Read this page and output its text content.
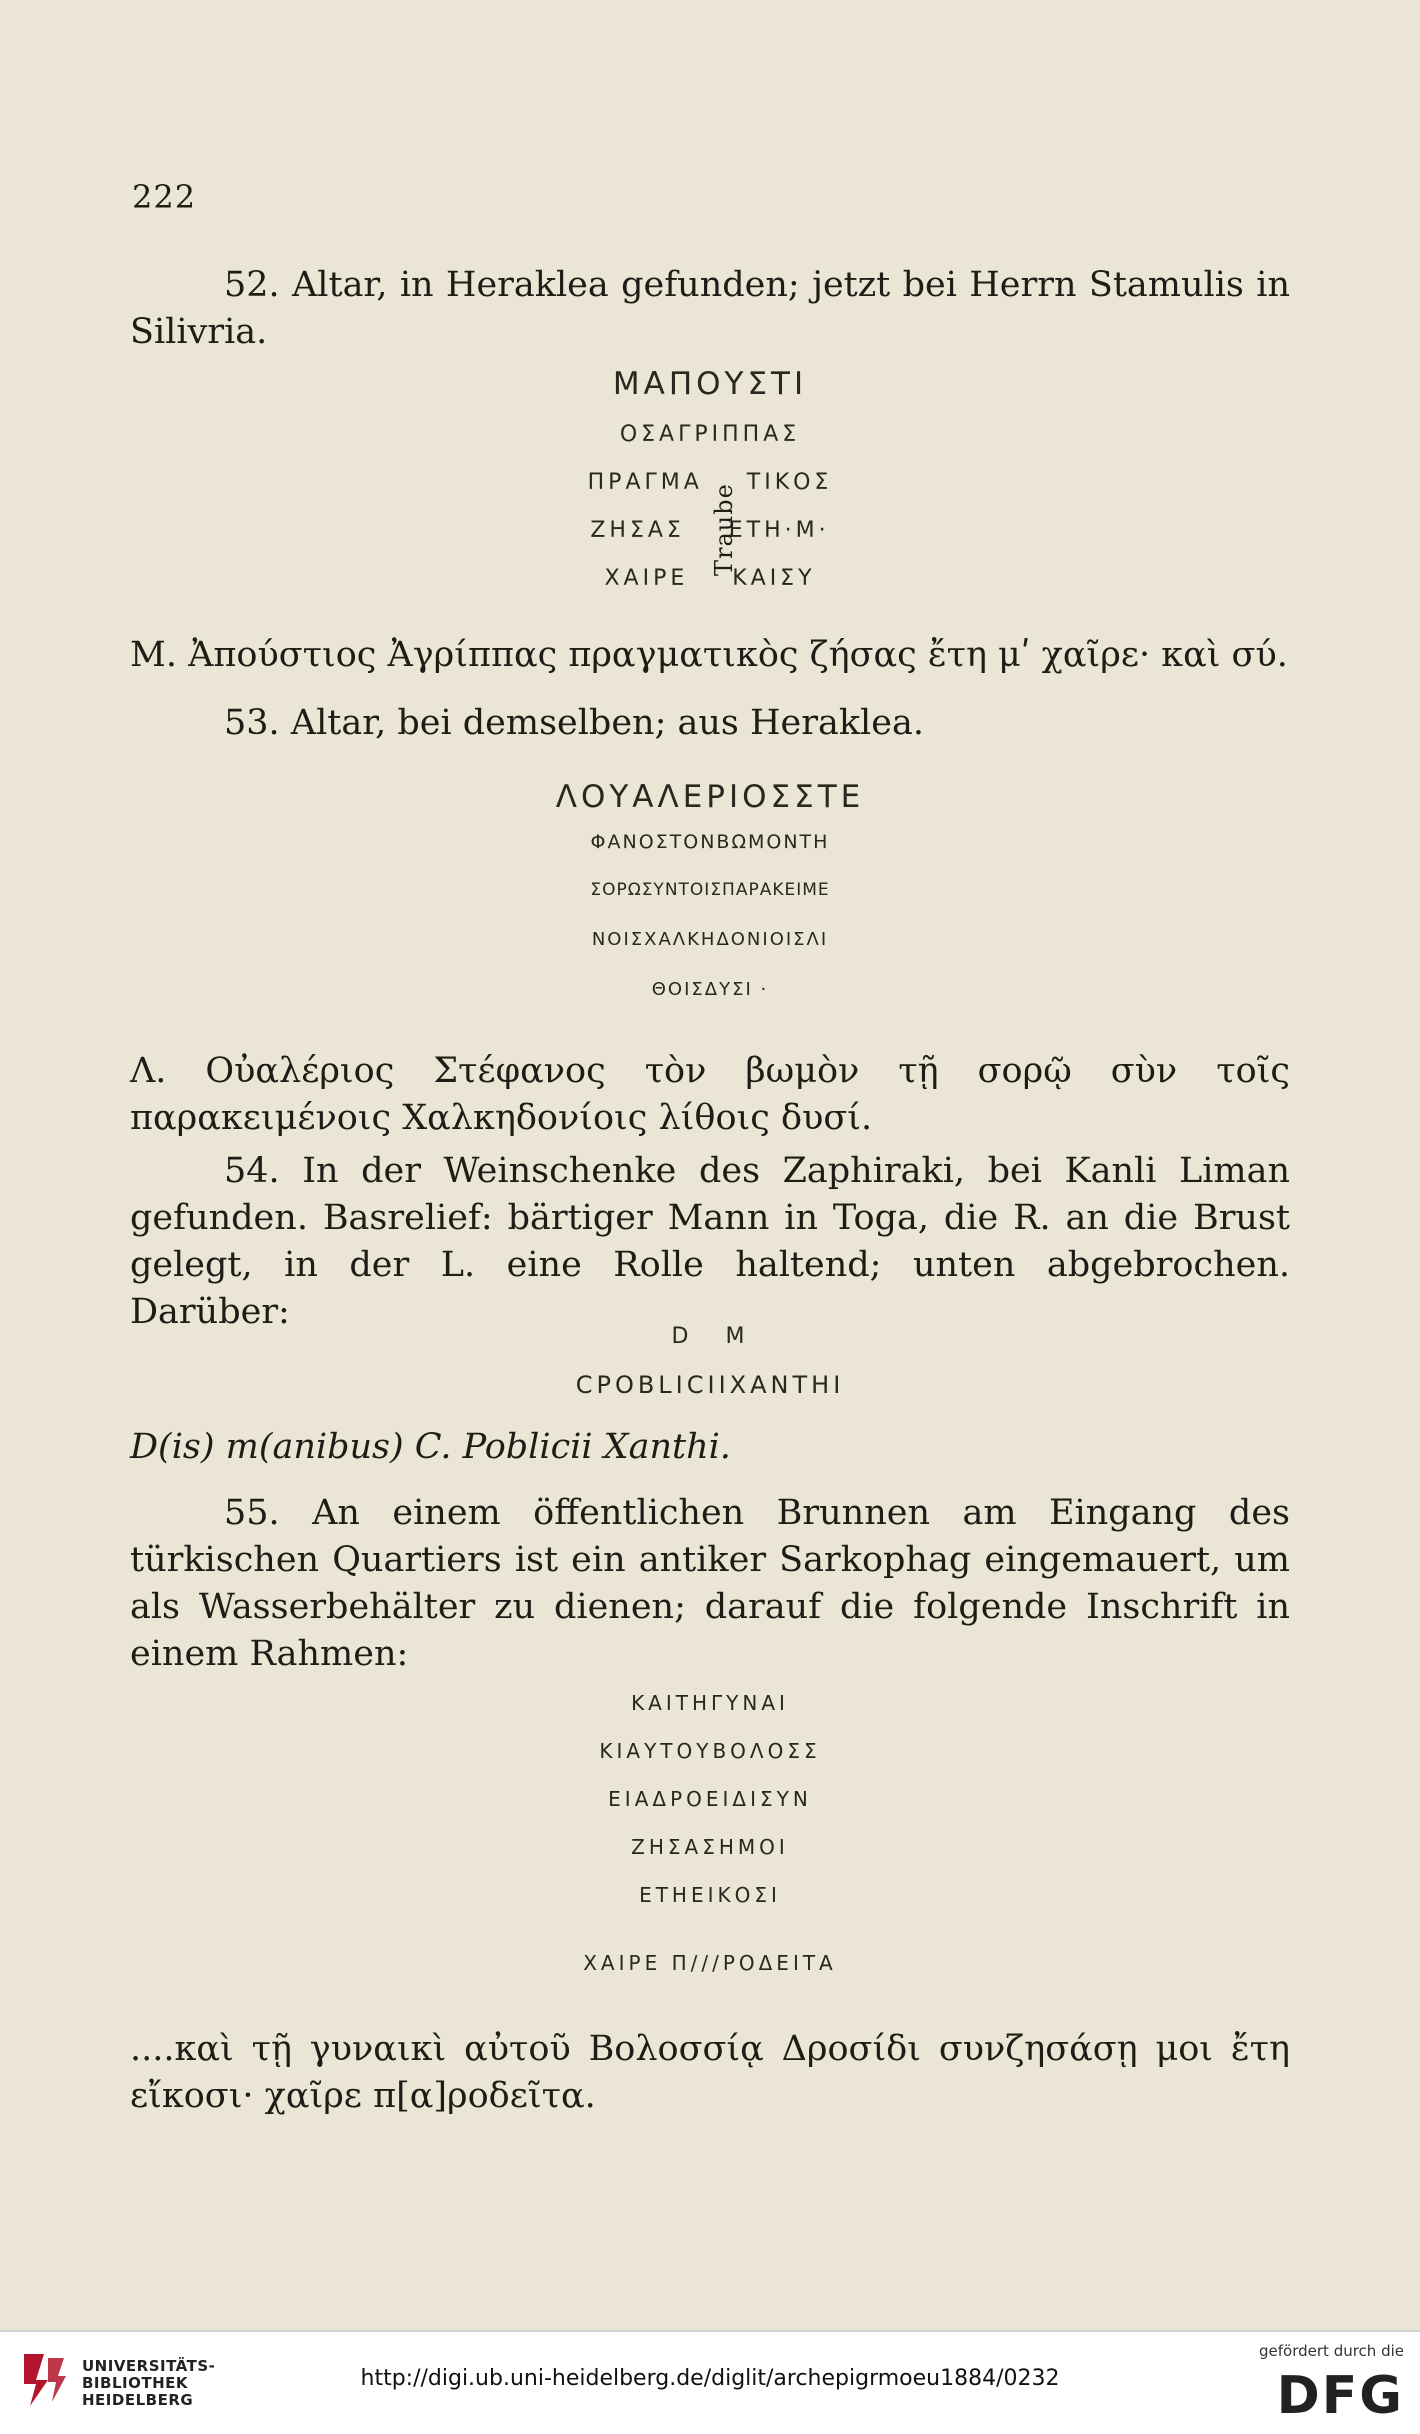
222
52. Altar, in Heraklea gefunden; jetzt bei Herrn Stamulis in Silivria.
ΜΑΠΟΥΣΤΙ
ΟΣΑΓΡΙΠΠΑΣ
ΠΡΑΓΜΑ    ΤΙΚΟΣ
ΖΗΣΑΣ    ΕΤΗ·Μ·
ΧΑΙΡΕ    ΚΑΙΣΥ
Traube
Μ. Ἀπούστιος Ἀγρίππας πραγματικὸς ζήσας ἔτη μʹ χαῖρε· καὶ σύ.
53. Altar, bei demselben; aus Heraklea.
ΛΟΥΑΛΕΡΙΟΣΣΤΕ
ΦΑΝΟΣΤΟΝΒΩΜΟΝΤΗ
ΣΟΡΩΣΥΝΤΟΙΣΠΑΡΑΚΕΙΜΕ
ΝΟΙΣΧΑΛΚΗΔΟΝΙΟΙΣΛΙ
ΘΟΙΣΔΥΣΙ ·
Λ. Οὐαλέριος Στέφανος τὸν βωμὸν τῇ σορῷ σὺν τοῖς παρακειμένοις Χαλκηδονίοις λίθοις δυσί.
54. In der Weinschenke des Zaphiraki, bei Kanli Liman gefunden. Basrelief: bärtiger Mann in Toga, die R. an die Brust gelegt, in der L. eine Rolle haltend; unten abgebrochen. Darüber:
D   M
CPOBLICIIXANTHI
D(is) m(anibus) C. Poblicii Xanthi.
55. An einem öffentlichen Brunnen am Eingang des türkischen Quartiers ist ein antiker Sarkophag eingemauert, um als Wasserbehälter zu dienen; darauf die folgende Inschrift in einem Rahmen:
ΚΑΙΤΗΓΥΝΑΙ
ΚΙΑΥΤΟΥΒΟΛΟΣΣ
ΕΙΑΔΡΟΕΙΔΙΣΥΝ
ΖΗΣΑΣΗΜΟΙ
ΕΤΗΕΙΚΟΣΙ
ΧΑΙΡΕ Π///ΡΟΔΕΙΤΑ
....καὶ τῇ γυναικὶ αὐτοῦ Βολοσσίᾳ Δροσίδι συνζησάσῃ μοι ἔτη εἴκοσι· χαῖρε π[α]ροδεῖτα.
UNIVERSITÄTS-
BIBLIOTHEK
HEIDELBERG
http://digi.ub.uni-heidelberg.de/diglit/archepigrmoeu1884/0232
gefördert durch die
DFG
